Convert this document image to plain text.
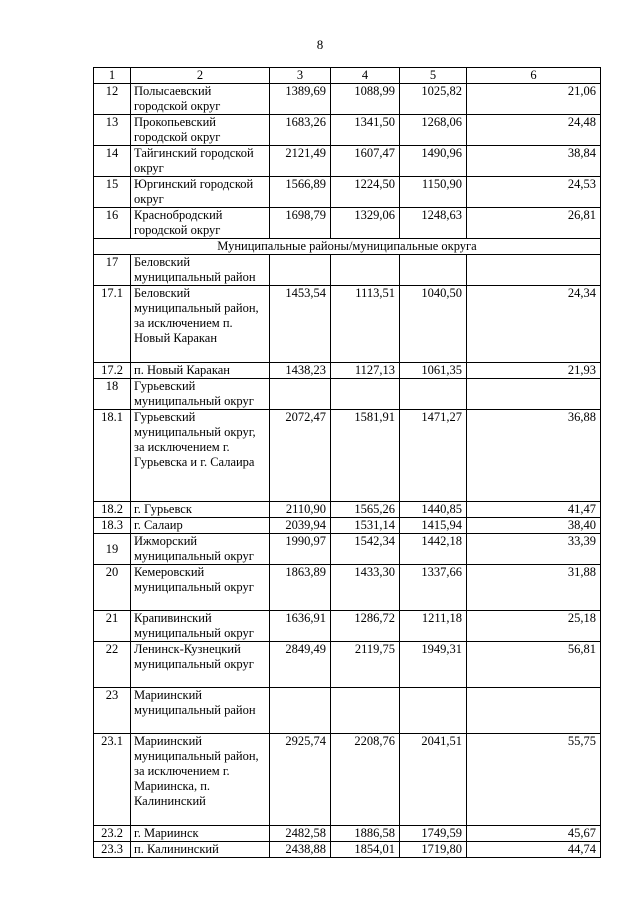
8
1	2	3	4	5	6
12	Полысаевский городской округ	1389,69	1088,99	1025,82	21,06
13	Прокопьевский городской округ	1683,26	1341,50	1268,06	24,48
14	Тайгинский городской округ	2121,49	1607,47	1490,96	38,84
15	Юргинский городской округ	1566,89	1224,50	1150,90	24,53
16	Краснобродский городской округ	1698,79	1329,06	1248,63	26,81
Муниципальные районы/муниципальные округа					
17	Беловский муниципальный район				
17.1	Беловский муниципальный район, за исключением п. Новый Каракан	1453,54	1113,51	1040,50	24,34
17.2	п. Новый Каракан	1438,23	1127,13	1061,35	21,93
18	Гурьевский муниципальный округ				
18.1	Гурьевский муниципальный округ, за исключением г. Гурьевска и г. Салаира	2072,47	1581,91	1471,27	36,88
18.2	г. Гурьевск	2110,90	1565,26	1440,85	41,47
18.3	г. Салаир	2039,94	1531,14	1415,94	38,40
19	Ижморский муниципальный округ	1990,97	1542,34	1442,18	33,39
20	Кемеровский муниципальный округ	1863,89	1433,30	1337,66	31,88
21	Крапивинский муниципальный округ	1636,91	1286,72	1211,18	25,18
22	Ленинск-Кузнецкий муниципальный округ	2849,49	2119,75	1949,31	56,81
23	Мариинский муниципальный район				
23.1	Мариинский муниципальный район, за исключением г. Мариинска, п. Калининский	2925,74	2208,76	2041,51	55,75
23.2	г. Мариинск	2482,58	1886,58	1749,59	45,67
23.3	п. Калининский	2438,88	1854,01	1719,80	44,74
